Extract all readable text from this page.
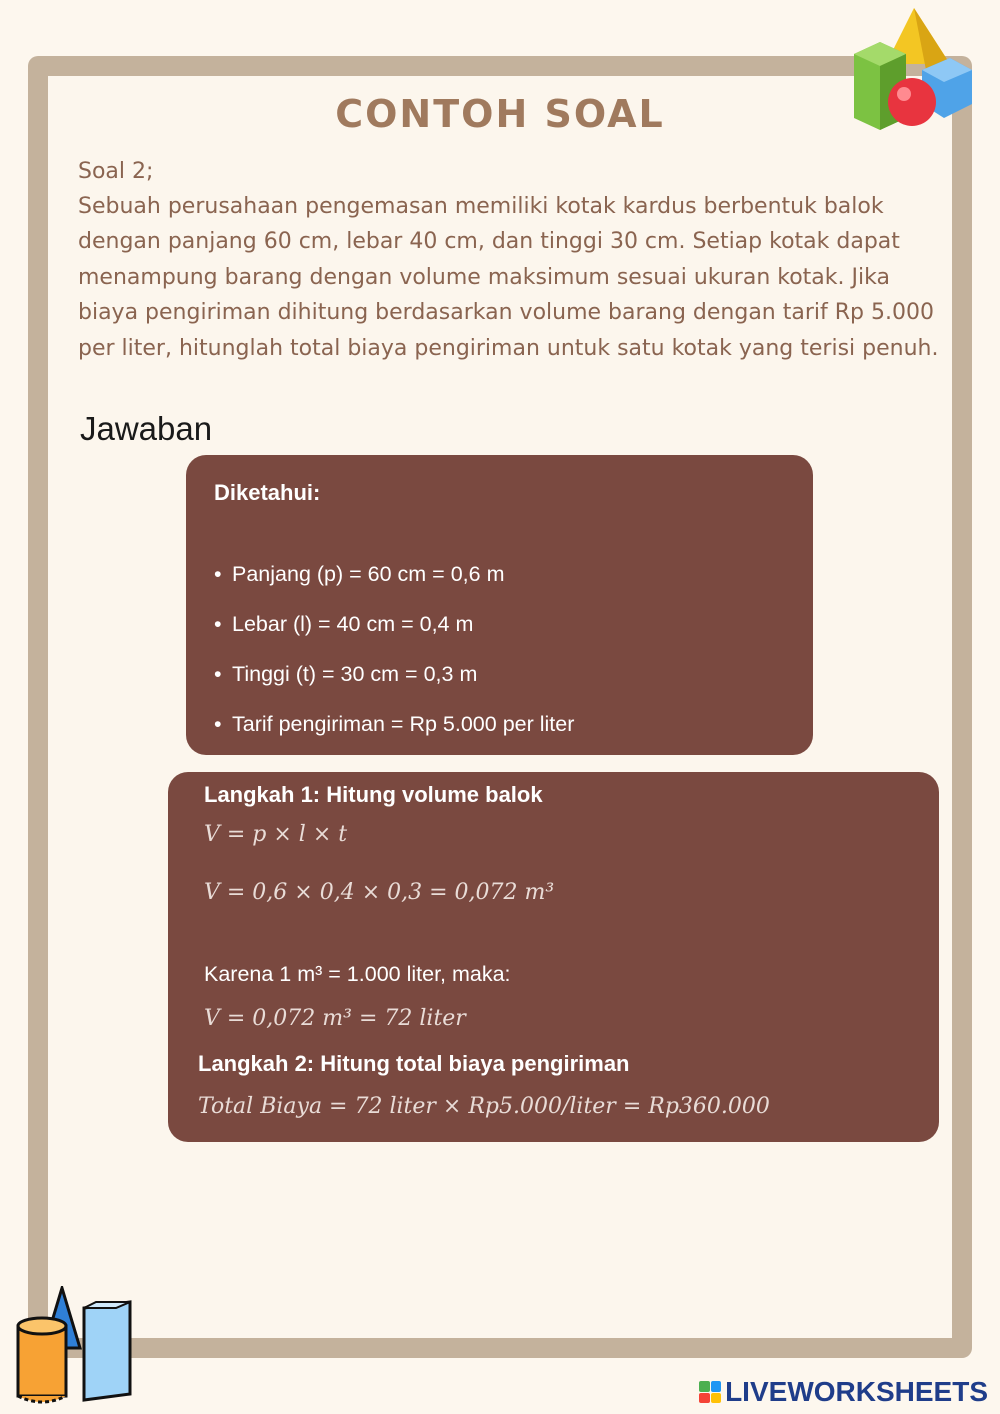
CONTOH SOAL
Soal 2;
Sebuah perusahaan pengemasan memiliki kotak kardus berbentuk balok dengan panjang 60 cm, lebar 40 cm, dan tinggi 30 cm. Setiap kotak dapat menampung barang dengan volume maksimum sesuai ukuran kotak. Jika biaya pengiriman dihitung berdasarkan volume barang dengan tarif Rp 5.000 per liter, hitunglah total biaya pengiriman untuk satu kotak yang terisi penuh.
Jawaban
Diketahui:
• Panjang (p) = 60 cm = 0,6 m
• Lebar (l) = 40 cm = 0,4 m
• Tinggi (t) = 30 cm = 0,3 m
• Tarif pengiriman = Rp 5.000 per liter
Langkah 1: Hitung volume balok
V = p × l × t
V = 0,6 × 0,4 × 0,3 = 0,072 m³
Karena 1 m³ = 1.000 liter, maka:
V = 0,072 m³ = 72 liter
Langkah 2: Hitung total biaya pengiriman
Total Biaya = 72 liter × Rp5.000/liter = Rp360.000
LIVEWORKSHEETS
